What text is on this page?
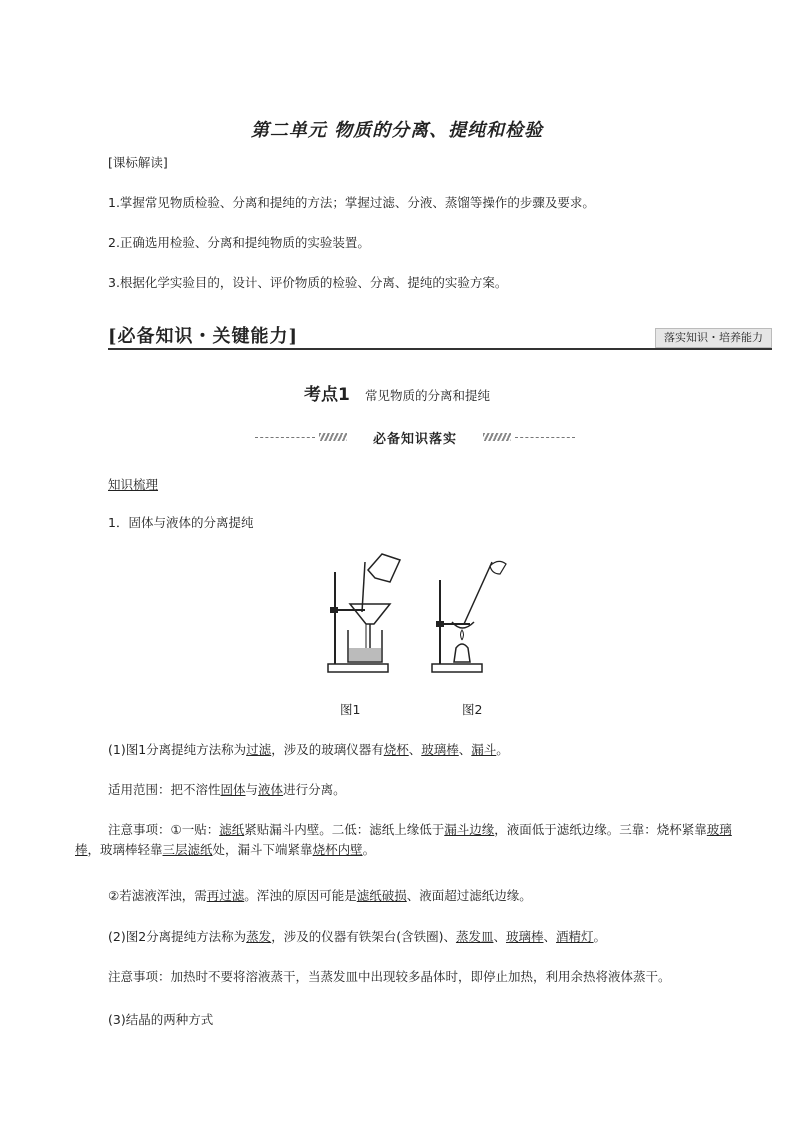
第二单元 物质的分离、提纯和检验
[课标解读]
1.掌握常见物质检验、分离和提纯的方法；掌握过滤、分液、蒸馏等操作的步骤及要求。
2.正确选用检验、分离和提纯物质的实验装置。
3.根据化学实验目的，设计、评价物质的检验、分离、提纯的实验方案。
[必备知识・关键能力]	落实知识・培养能力
考点1 常见物质的分离和提纯
必备知识落实
知识梳理
1．固体与液体的分离提纯
图1	图2
(1)图1分离提纯方法称为过滤，涉及的玻璃仪器有烧杯、玻璃棒、漏斗。
适用范围：把不溶性固体与液体进行分离。
注意事项：①一贴：滤纸紧贴漏斗内壁。二低：滤纸上缘低于漏斗边缘，液面低于滤纸边缘。三靠：烧杯紧靠玻璃棒，玻璃棒轻靠三层滤纸处，漏斗下端紧靠烧杯内壁。
②若滤液浑浊，需再过滤。浑浊的原因可能是滤纸破损、液面超过滤纸边缘。
(2)图2分离提纯方法称为蒸发，涉及的仪器有铁架台(含铁圈)、蒸发皿、玻璃棒、酒精灯。
注意事项：加热时不要将溶液蒸干，当蒸发皿中出现较多晶体时，即停止加热，利用余热将液体蒸干。
(3)结晶的两种方式
